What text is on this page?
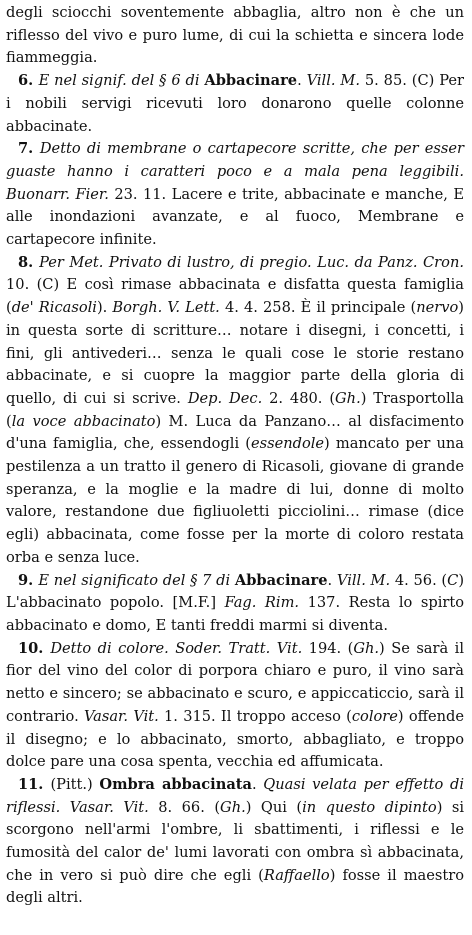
degli sciocchi soventemente abbaglia, altro non è che un riflesso del vivo e puro lume, di cui la schietta e sincera lode fiammeggia.

6. E nel signif. del § 6 di Abbacinare. Vill. M. 5. 85. (C) Per i nobili servigi ricevuti loro donarono quelle colonne abbacinate.

7. Detto di membrane o cartapecore scritte, che per esser guaste hanno i caratteri poco e a mala pena leggibili. Buonarr. Fier. 23. 11. Lacere e trite, abbacinate e manche, E alle inondazioni avanzate, e al fuoco, Membrane e cartapecore infinite.

8. Per Met. Privato di lustro, di pregio. Luc. da Panz. Cron. 10. (C) E così rimase abbacinata e disfatta questa famiglia (de' Ricasoli). Borgh. V. Lett. 4. 4. 258. È il principale (nervo) in questa sorte di scritture… notare i disegni, i concetti, i fini, gli antivederi… senza le quali cose le storie restano abbacinate, e si cuopre la maggior parte della gloria di quello, di cui si scrive. Dep. Dec. 2. 480. (Gh.) Trasportolla (la voce abbacinato) M. Luca da Panzano… al disfacimento d'una famiglia, che, essendogli (essendole) mancato per una pestilenza a un tratto il genero di Ricasoli, giovane di grande speranza, e la moglie e la madre di lui, donne di molto valore, restandone due figliuoletti picciolini… rimase (dice egli) abbacinata, come fosse per la morte di coloro restata orba e senza luce.

9. E nel significato del § 7 di Abbacinare. Vill. M. 4. 56. (C) L'abbacinato popolo. [M.F.] Fag. Rim. 137. Resta lo spirto abbacinato e domo, E tanti freddi marmi si diventa.

10. Detto di colore. Soder. Tratt. Vit. 194. (Gh.) Se sarà il fior del vino del color di porpora chiaro e puro, il vino sarà netto e sincero; se abbacinato e scuro, e appiccaticcio, sarà il contrario. Vasar. Vit. 1. 315. Il troppo acceso (colore) offende il disegno; e lo abbacinato, smorto, abbagliato, e troppo dolce pare una cosa spenta, vecchia ed affumicata.

11. (Pitt.) Ombra abbacinata. Quasi velata per effetto di riflessi. Vasar. Vit. 8. 66. (Gh.) Qui (in questo dipinto) si scorgono nell'armi l'ombre, li sbattimenti, i riflessi e le fumosità del calor de' lumi lavorati con ombra sì abbacinata, che in vero si può dire che egli (Raffaello) fosse il maestro degli altri.
